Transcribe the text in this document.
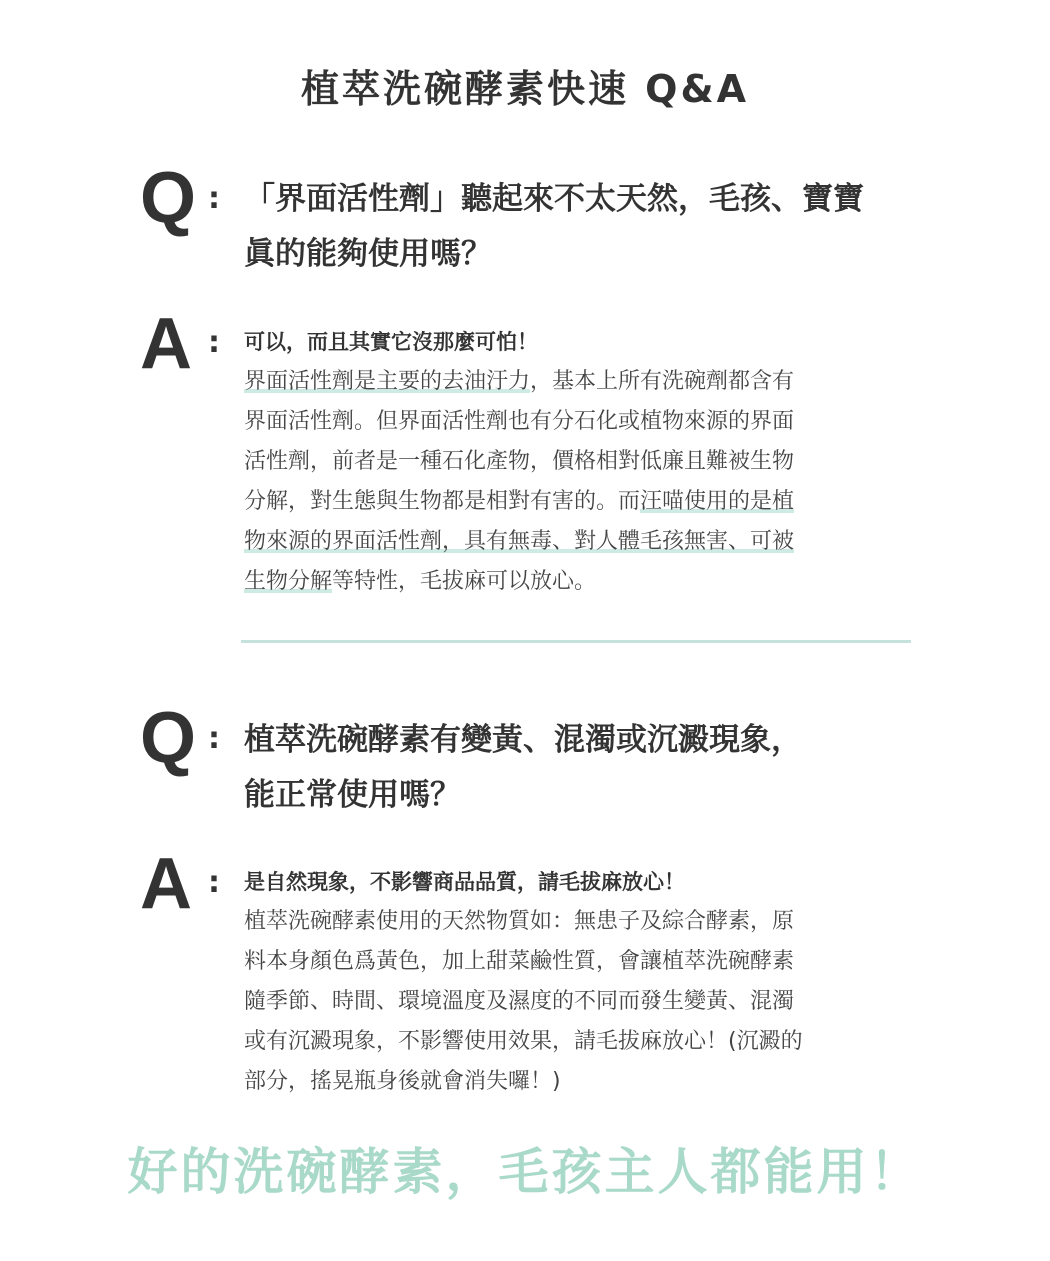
植萃洗碗酵素快速 Q&A
Q : 「界面活性劑」聽起來不太天然，毛孩、寶寶
眞的能夠使用嗎？
A : 可以，而且其實它沒那麼可怕！
界面活性劑是主要的去油汙力，基本上所有洗碗劑都含有
界面活性劑。但界面活性劑也有分石化或植物來源的界面
活性劑，前者是一種石化產物，價格相對低廉且難被生物
分解，對生態與生物都是相對有害的。而汪喵使用的是植
物來源的界面活性劑，具有無毒、對人體毛孩無害、可被
生物分解等特性，毛拔麻可以放心。
Q : 植萃洗碗酵素有變黃、混濁或沉澱現象，
能正常使用嗎？
A : 是自然現象，不影響商品品質，請毛拔麻放心！
植萃洗碗酵素使用的天然物質如：無患子及綜合酵素，原
料本身顏色爲黃色，加上甜菜鹼性質，會讓植萃洗碗酵素
隨季節、時間、環境溫度及濕度的不同而發生變黃、混濁
或有沉澱現象，不影響使用效果，請毛拔麻放心！(沉澱的
部分，搖晃瓶身後就會消失囉！)
好的洗碗酵素，毛孩主人都能用！
